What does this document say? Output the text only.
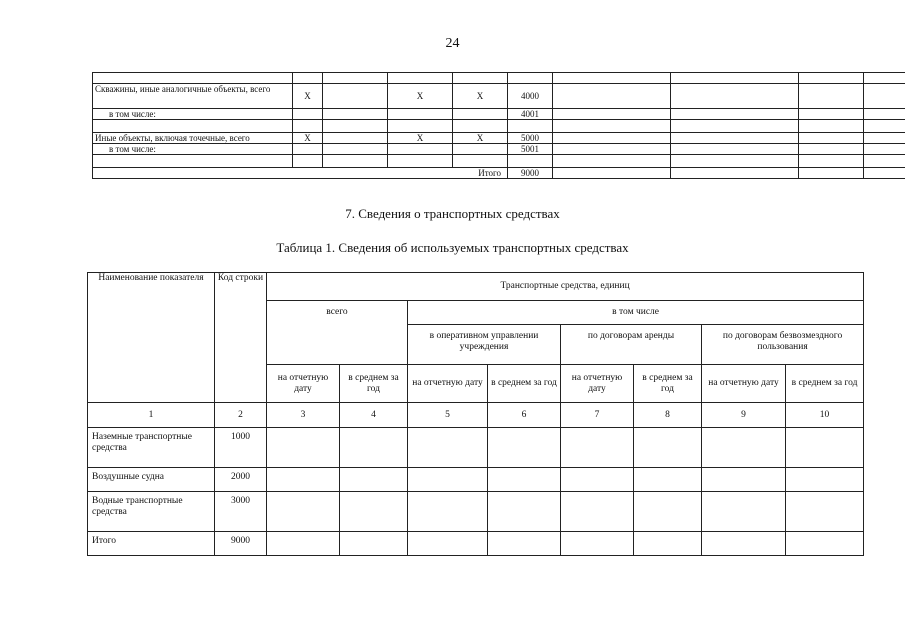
24

Скважины, иные аналогичные объекты, всего	X		X	X	4000				
в том числе:					4001				

Иные объекты, включая точечные, всего	X		X	X	5000				
в том числе:					5001				

Итого					9000				
7. Сведения о транспортных средствах
Таблица 1. Сведения об используемых транспортных средствах
Наименование показателя	Код строки	Транспортные средства, единиц							
		всего		в том числе					
				в оперативном управлении учреждения		по договорам аренды		по договорам безвозмездного пользования	
		на отчетную дату	в среднем за год	на отчетную дату	в среднем за год	на отчетную дату	в среднем за год	на отчетную дату	в среднем за год
1	2	3	4	5	6	7	8	9	10
Наземные транспортные средства	1000								
Воздушные судна	2000								
Водные транспортные средства	3000								
Итого	9000								
